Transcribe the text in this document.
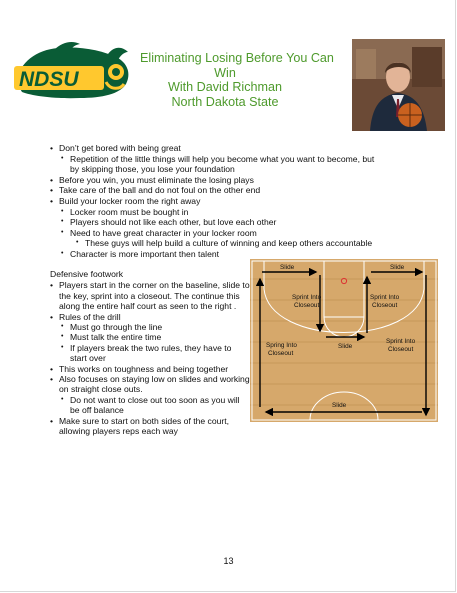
NDSU
Eliminating Losing Before You Can
Win
With David Richman
North Dakota State
• Don’t get bored with being great
• Repetition of the little things will help you become what you want to become, but
by skipping those, you lose your foundation
• Before you win, you must eliminate the losing plays
• Take care of the ball and do not foul on the other end
• Build your locker room the right away
• Locker room must be bought in
• Players should not like each other, but love each other
• Need to have great character in your locker room
• These guys will help build a culture of winning and keep others accountable
• Character is more important then talent
Defensive footwork
• Players start in the corner on the baseline, slide to the key, sprint into a closeout. The continue this along the entire half court as seen to the right .
• Rules of the drill
• Must go through the line
• Must talk the entire time
• If players break the two rules, they have to start over
• This works on toughness and being together
• Also focuses on staying low on slides and working on straight close outs.
• Do not want to close out too soon as you will be off balance
• Make sure to start on both sides of the court, allowing players reps each way
Slide	Slide
Sprint Into
Closeout
Sprint Into
Closeout
Spring Into
Closeout
Slide
Sprint Into
Closeout
Slide
13
